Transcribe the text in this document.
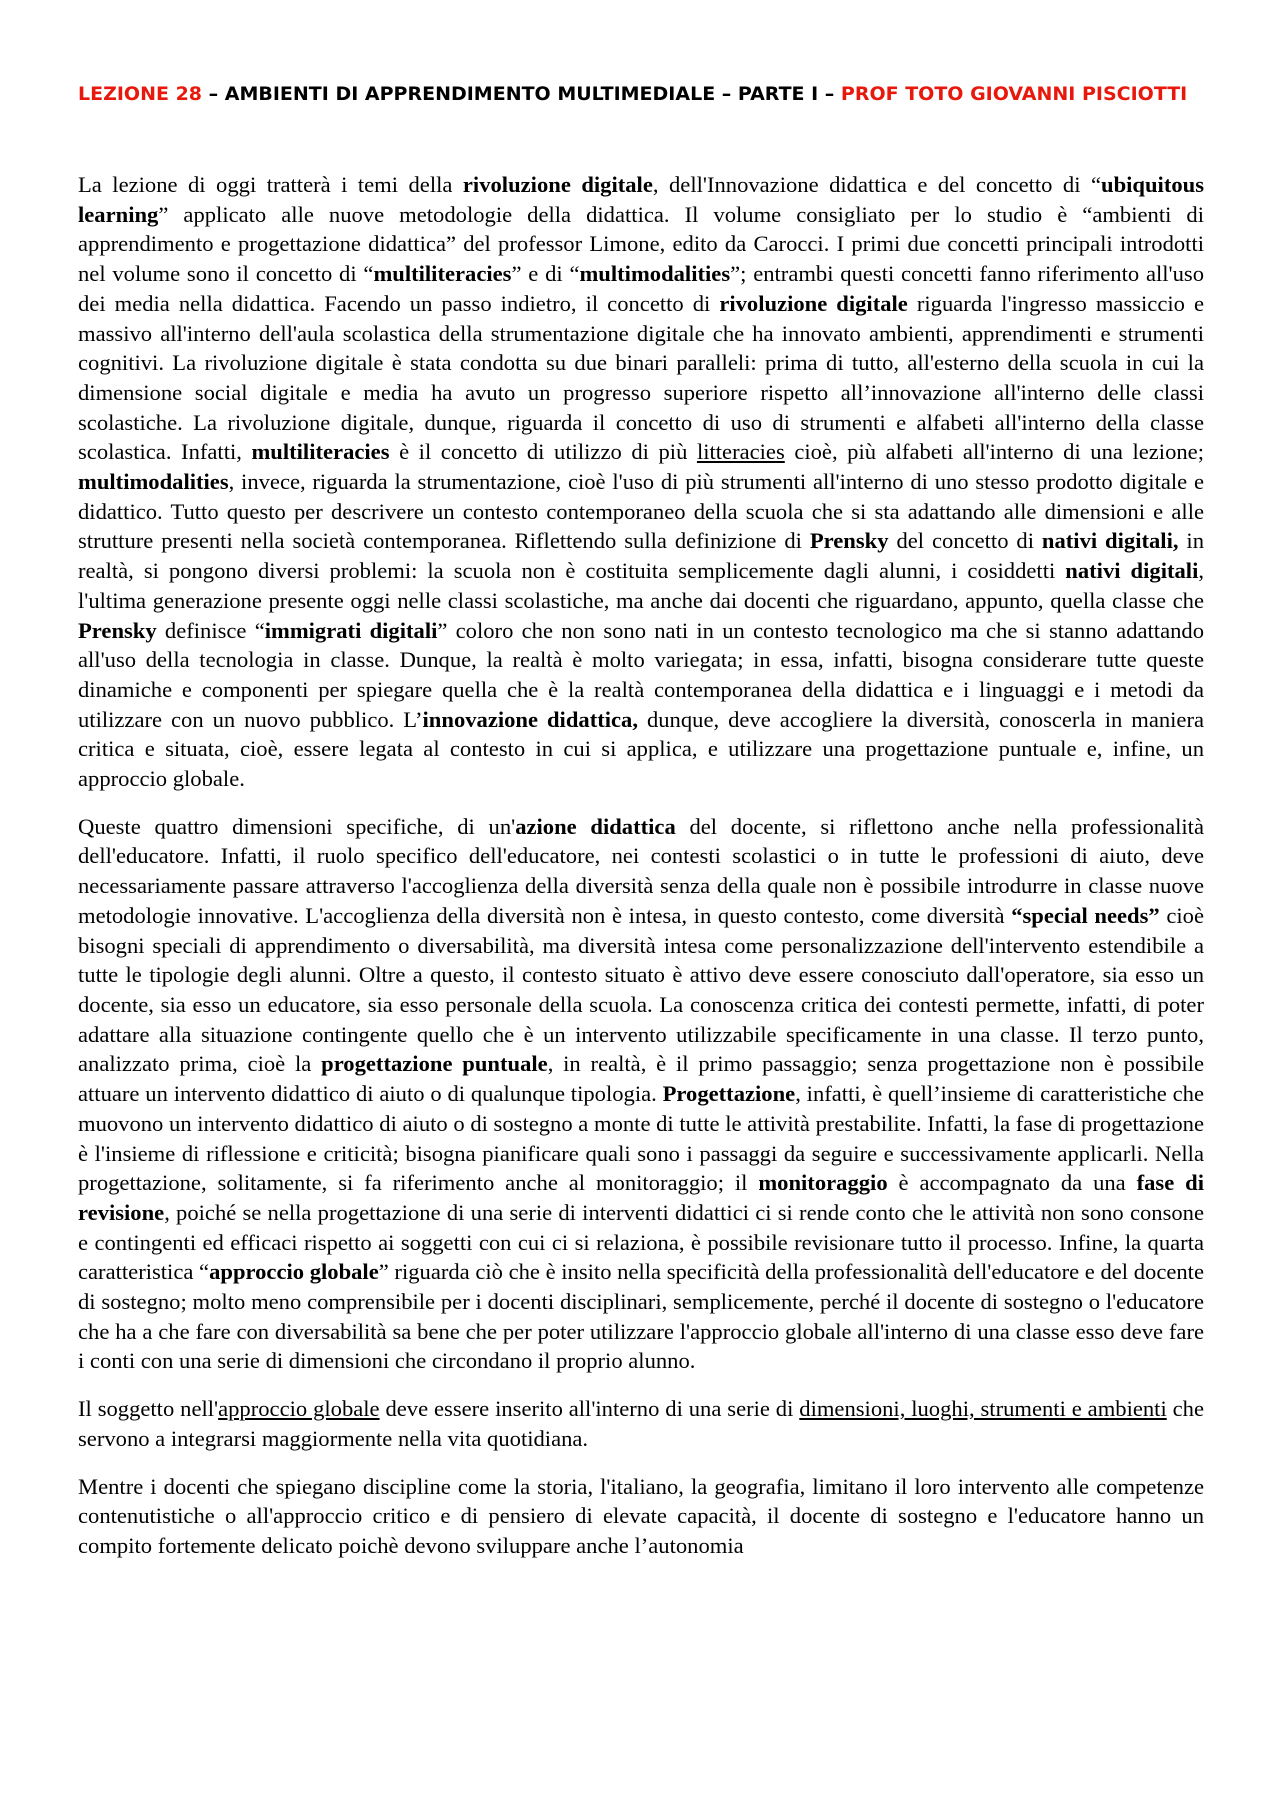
LEZIONE 28 – AMBIENTI DI APPRENDIMENTO MULTIMEDIALE – PARTE I – PROF TOTO GIOVANNI PISCIOTTI

La lezione di oggi tratterà i temi della rivoluzione digitale, dell'Innovazione didattica e del concetto di “ubiquitous learning” applicato alle nuove metodologie della didattica. Il volume consigliato per lo studio è “ambienti di apprendimento e progettazione didattica” del professor Limone, edito da Carocci. I primi due concetti principali introdotti nel volume sono il concetto di “multiliteracies” e di “multimodalities”; entrambi questi concetti fanno riferimento all'uso dei media nella didattica. Facendo un passo indietro, il concetto di rivoluzione digitale riguarda l'ingresso massiccio e massivo all'interno dell'aula scolastica della strumentazione digitale che ha innovato ambienti, apprendimenti e strumenti cognitivi. La rivoluzione digitale è stata condotta su due binari paralleli: prima di tutto, all'esterno della scuola in cui la dimensione social digitale e media ha avuto un progresso superiore rispetto all’innovazione all'interno delle classi scolastiche. La rivoluzione digitale, dunque, riguarda il concetto di uso di strumenti e alfabeti all'interno della classe scolastica. Infatti, multiliteracies è il concetto di utilizzo di più litteracies cioè, più alfabeti all'interno di una lezione; multimodalities, invece, riguarda la strumentazione, cioè l'uso di più strumenti all'interno di uno stesso prodotto digitale e didattico. Tutto questo per descrivere un contesto contemporaneo della scuola che si sta adattando alle dimensioni e alle strutture presenti nella società contemporanea. Riflettendo sulla definizione di Prensky del concetto di nativi digitali, in realtà, si pongono diversi problemi: la scuola non è costituita semplicemente dagli alunni, i cosiddetti nativi digitali, l'ultima generazione presente oggi nelle classi scolastiche, ma anche dai docenti che riguardano, appunto, quella classe che Prensky definisce “immigrati digitali” coloro che non sono nati in un contesto tecnologico ma che si stanno adattando all'uso della tecnologia in classe. Dunque, la realtà è molto variegata; in essa, infatti, bisogna considerare tutte queste dinamiche e componenti per spiegare quella che è la realtà contemporanea della didattica e i linguaggi e i metodi da utilizzare con un nuovo pubblico. L’innovazione didattica, dunque, deve accogliere la diversità, conoscerla in maniera critica e situata, cioè, essere legata al contesto in cui si applica, e utilizzare una progettazione puntuale e, infine, un approccio globale.

Queste quattro dimensioni specifiche, di un'azione didattica del docente, si riflettono anche nella professionalità dell'educatore. Infatti, il ruolo specifico dell'educatore, nei contesti scolastici o in tutte le professioni di aiuto, deve necessariamente passare attraverso l'accoglienza della diversità senza della quale non è possibile introdurre in classe nuove metodologie innovative. L'accoglienza della diversità non è intesa, in questo contesto, come diversità “special needs” cioè bisogni speciali di apprendimento o diversabilità, ma diversità intesa come personalizzazione dell'intervento estendibile a tutte le tipologie degli alunni. Oltre a questo, il contesto situato è attivo deve essere conosciuto dall'operatore, sia esso un docente, sia esso un educatore, sia esso personale della scuola. La conoscenza critica dei contesti permette, infatti, di poter adattare alla situazione contingente quello che è un intervento utilizzabile specificamente in una classe. Il terzo punto, analizzato prima, cioè la progettazione puntuale, in realtà, è il primo passaggio; senza progettazione non è possibile attuare un intervento didattico di aiuto o di qualunque tipologia. Progettazione, infatti, è quell’insieme di caratteristiche che muovono un intervento didattico di aiuto o di sostegno a monte di tutte le attività prestabilite. Infatti, la fase di progettazione è l'insieme di riflessione e criticità; bisogna pianificare quali sono i passaggi da seguire e successivamente applicarli. Nella progettazione, solitamente, si fa riferimento anche al monitoraggio; il monitoraggio è accompagnato da una fase di revisione, poiché se nella progettazione di una serie di interventi didattici ci si rende conto che le attività non sono consone e contingenti ed efficaci rispetto ai soggetti con cui ci si relaziona, è possibile revisionare tutto il processo. Infine, la quarta caratteristica “approccio globale” riguarda ciò che è insito nella specificità della professionalità dell'educatore e del docente di sostegno; molto meno comprensibile per i docenti disciplinari, semplicemente, perché il docente di sostegno o l'educatore che ha a che fare con diversabilità sa bene che per poter utilizzare l'approccio globale all'interno di una classe esso deve fare i conti con una serie di dimensioni che circondano il proprio alunno.

Il soggetto nell'approccio globale deve essere inserito all'interno di una serie di dimensioni, luoghi, strumenti e ambienti che servono a integrarsi maggiormente nella vita quotidiana.

Mentre i docenti che spiegano discipline come la storia, l'italiano, la geografia, limitano il loro intervento alle competenze contenutistiche o all'approccio critico e di pensiero di elevate capacità, il docente di sostegno e l'educatore hanno un compito fortemente delicato poichè devono sviluppare anche l’autonomia
